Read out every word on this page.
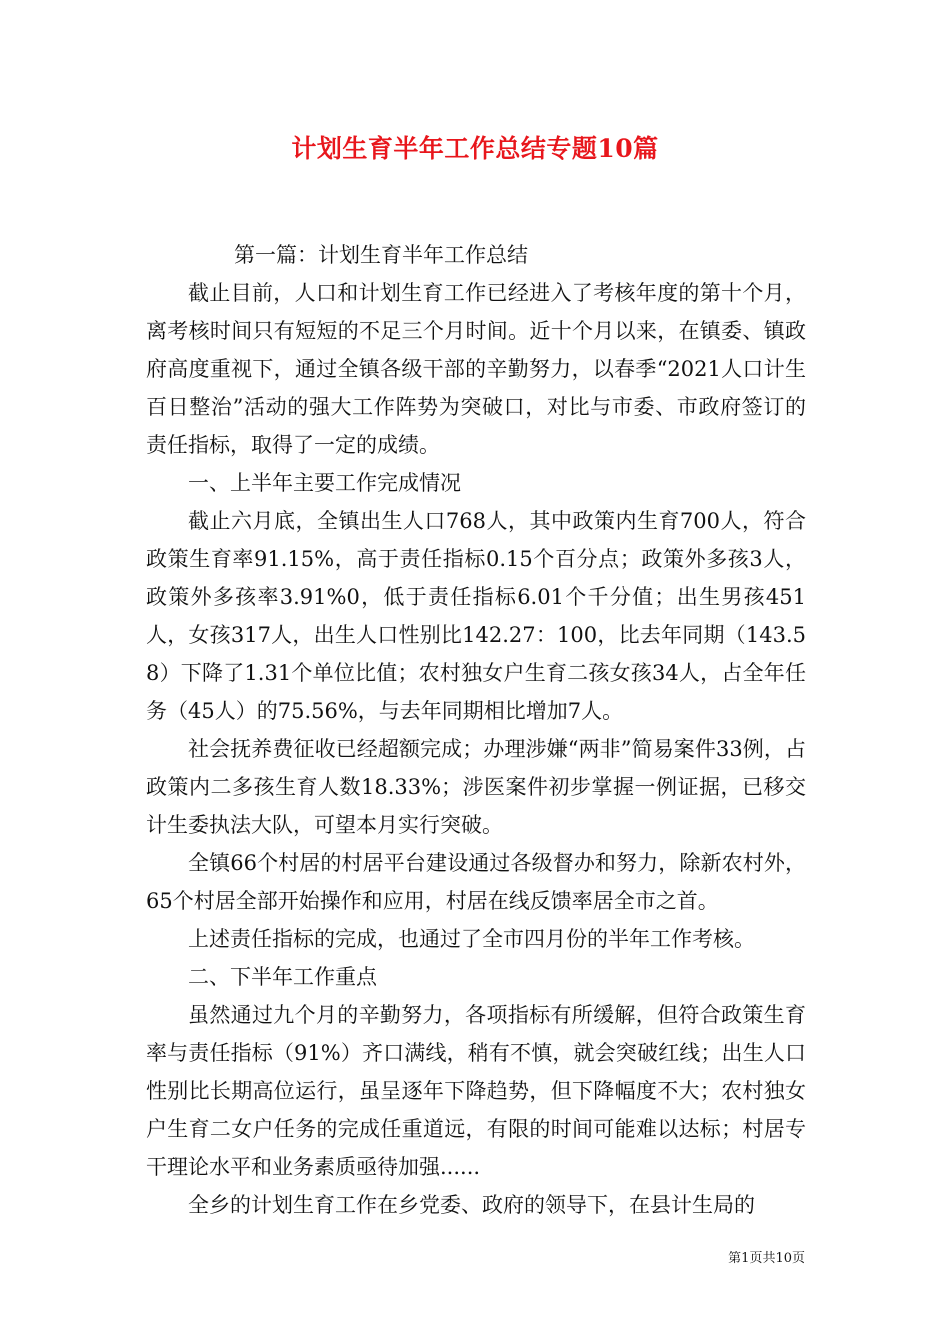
计划生育半年工作总结专题10篇

第一篇：计划生育半年工作总结

截止目前，人口和计划生育工作已经进入了考核年度的第十个月，离考核时间只有短短的不足三个月时间。近十个月以来，在镇委、镇政府高度重视下，通过全镇各级干部的辛勤努力，以春季“2021人口计生百日整治”活动的强大工作阵势为突破口，对比与市委、市政府签订的责任指标，取得了一定的成绩。

一、上半年主要工作完成情况

截止六月底，全镇出生人口768人，其中政策内生育700人，符合政策生育率91.15%，高于责任指标0.15个百分点；政策外多孩3人，政策外多孩率3.91%0，低于责任指标6.01个千分值；出生男孩451人，女孩317人，出生人口性别比142.27：100，比去年同期（143.58）下降了1.31个单位比值；农村独女户生育二孩女孩34人，占全年任务（45人）的75.56%，与去年同期相比增加7人。

社会抚养费征收已经超额完成；办理涉嫌“两非”简易案件33例，占政策内二多孩生育人数18.33%；涉医案件初步掌握一例证据，已移交计生委执法大队，可望本月实行突破。

全镇66个村居的村居平台建设通过各级督办和努力，除新农村外，65个村居全部开始操作和应用，村居在线反馈率居全市之首。

上述责任指标的完成，也通过了全市四月份的半年工作考核。

二、下半年工作重点

虽然通过九个月的辛勤努力，各项指标有所缓解，但符合政策生育率与责任指标（91%）齐口满线，稍有不慎，就会突破红线；出生人口性别比长期高位运行，虽呈逐年下降趋势，但下降幅度不大；农村独女户生育二女户任务的完成任重道远，有限的时间可能难以达标；村居专干理论水平和业务素质亟待加强......

全乡的计划生育工作在乡党委、政府的领导下，在县计生局的

第1页共10页
